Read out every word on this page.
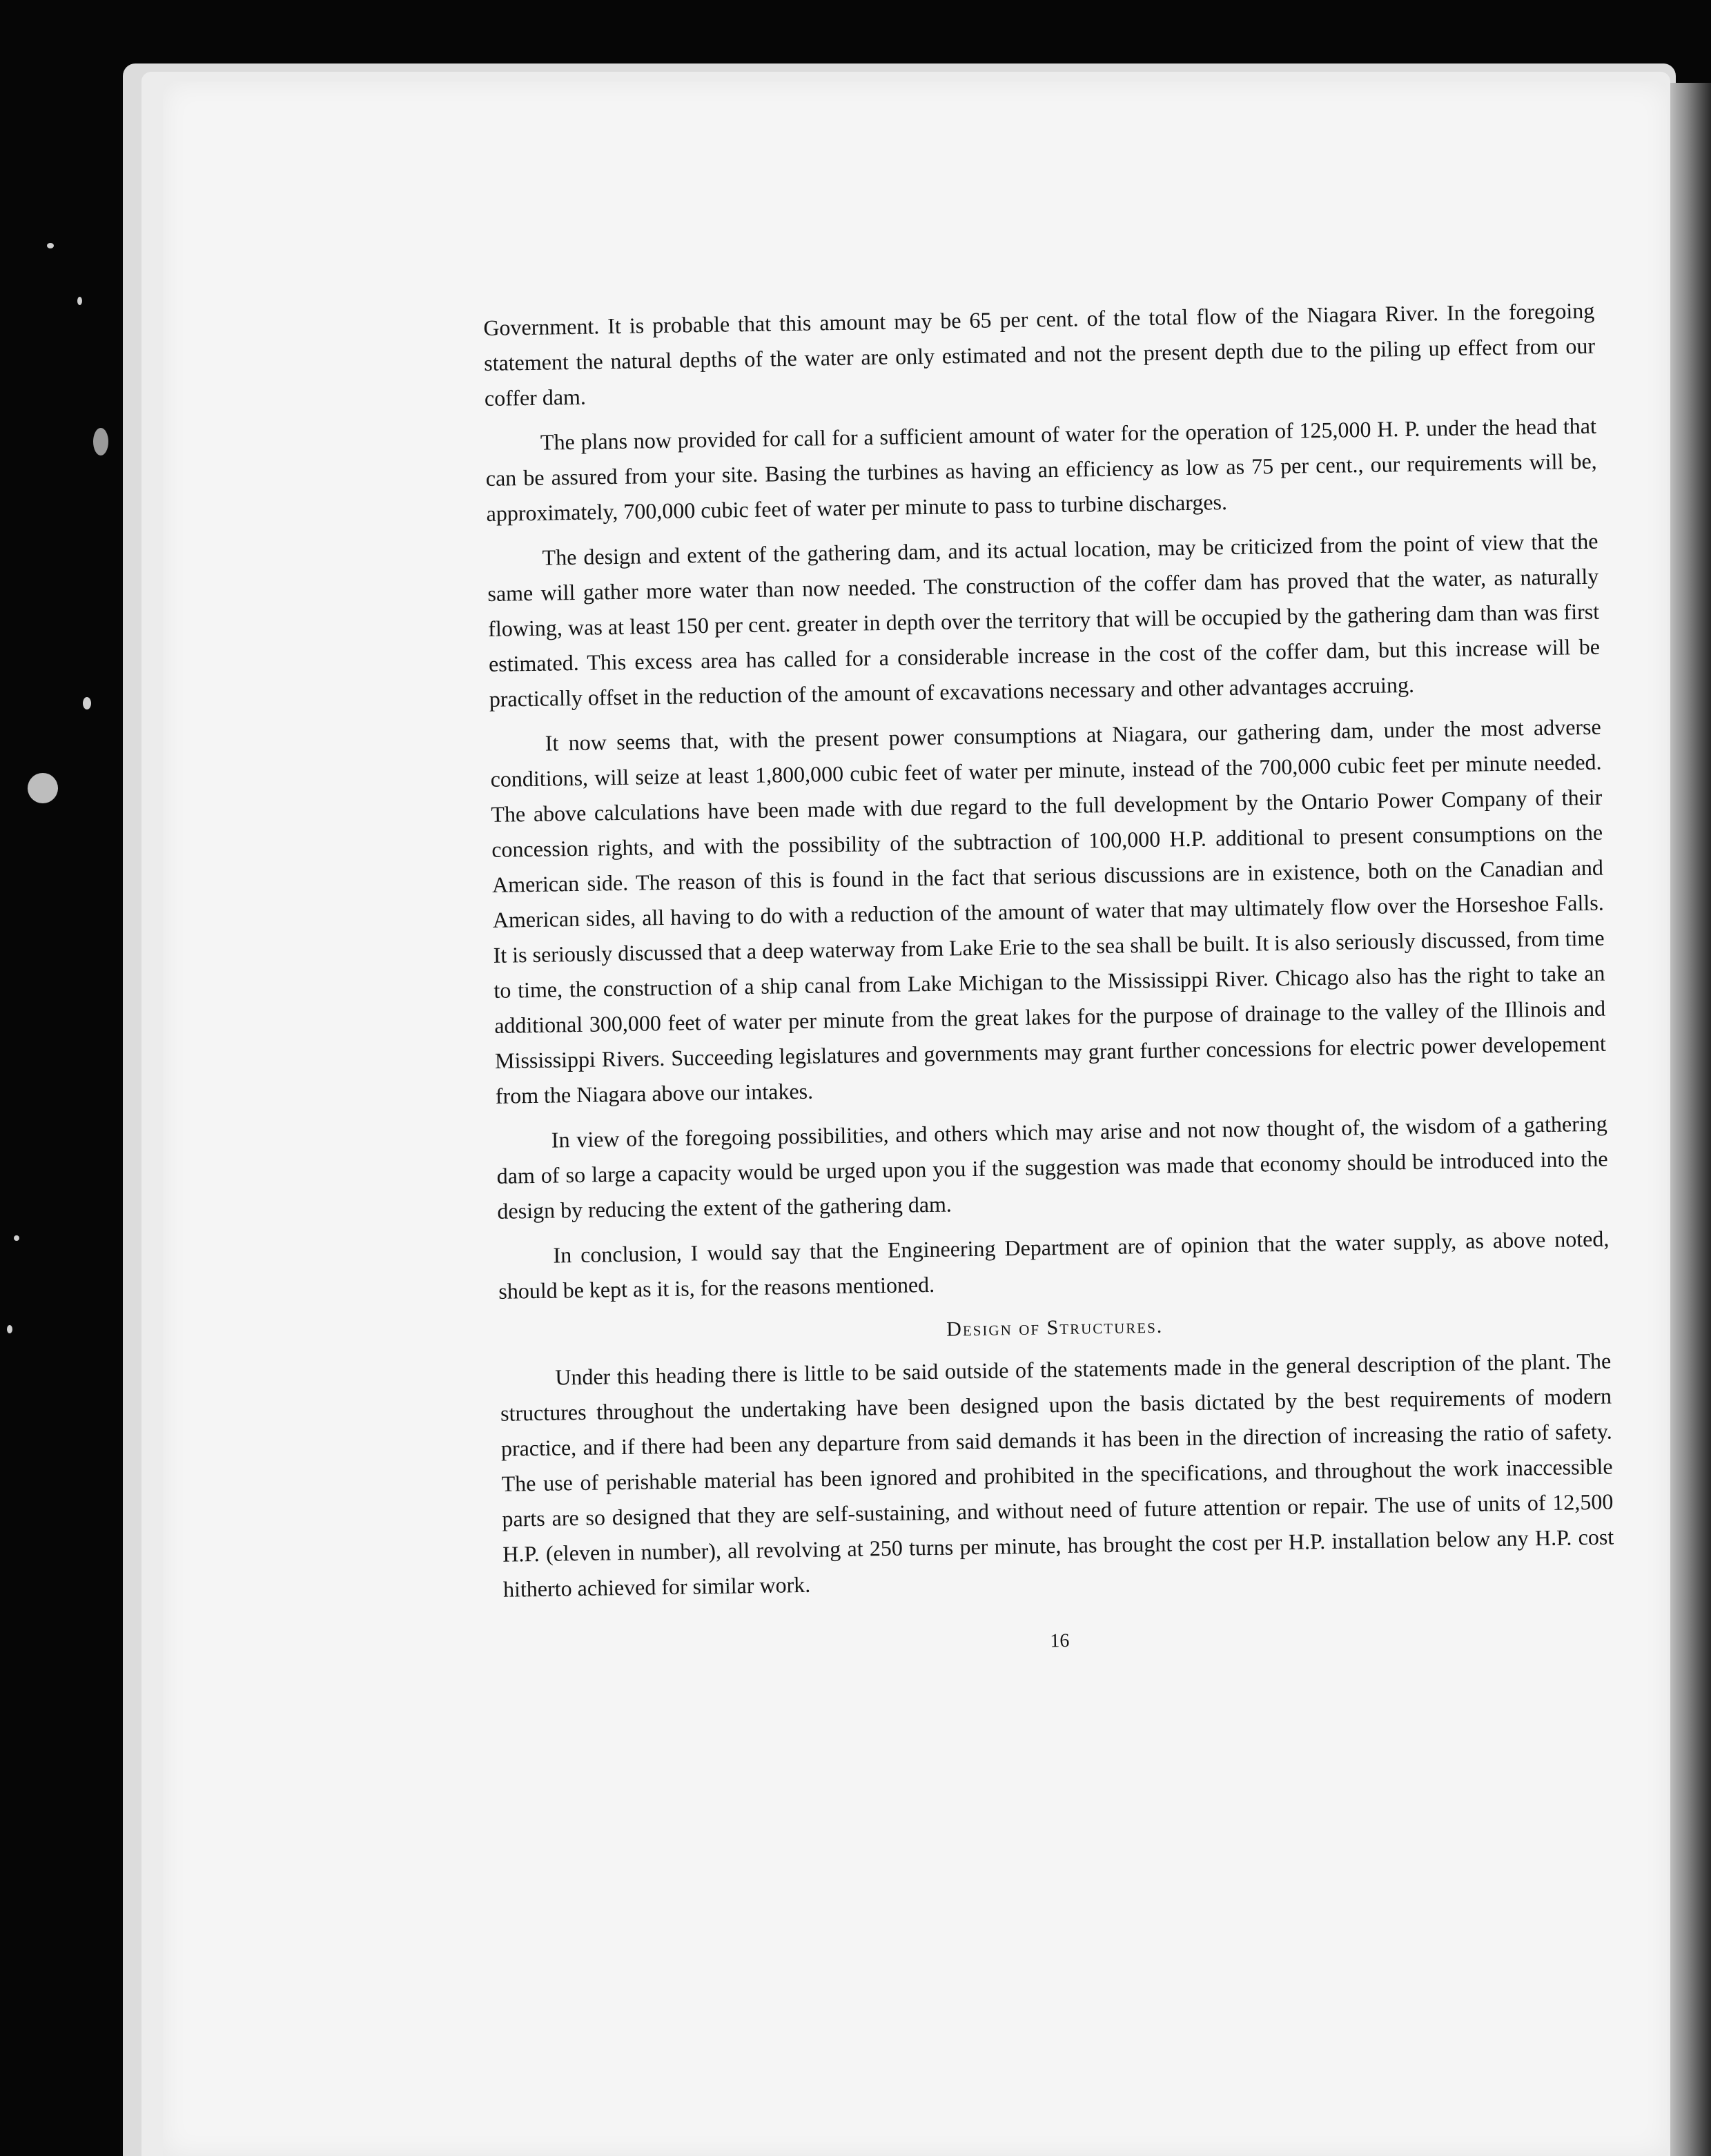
Government. It is probable that this amount may be 65 per cent. of the total flow of the Niagara River. In the foregoing statement the natural depths of the water are only estimated and not the present depth due to the piling up effect from our coffer dam.

The plans now provided for call for a sufficient amount of water for the operation of 125,000 H. P. under the head that can be assured from your site. Basing the turbines as having an efficiency as low as 75 per cent., our requirements will be, approximately, 700,000 cubic feet of water per minute to pass to turbine discharges.

The design and extent of the gathering dam, and its actual location, may be criticized from the point of view that the same will gather more water than now needed. The construction of the coffer dam has proved that the water, as naturally flowing, was at least 150 per cent. greater in depth over the territory that will be occupied by the gathering dam than was first estimated. This excess area has called for a considerable increase in the cost of the coffer dam, but this increase will be practically offset in the reduction of the amount of excavations necessary and other advantages accruing.

It now seems that, with the present power consumptions at Niagara, our gathering dam, under the most adverse conditions, will seize at least 1,800,000 cubic feet of water per minute, instead of the 700,000 cubic feet per minute needed. The above calculations have been made with due regard to the full development by the Ontario Power Company of their concession rights, and with the possibility of the subtraction of 100,000 H.P. additional to present consumptions on the American side. The reason of this is found in the fact that serious discussions are in existence, both on the Canadian and American sides, all having to do with a reduction of the amount of water that may ultimately flow over the Horseshoe Falls. It is seriously discussed that a deep waterway from Lake Erie to the sea shall be built. It is also seriously discussed, from time to time, the construction of a ship canal from Lake Michigan to the Mississippi River. Chicago also has the right to take an additional 300,000 feet of water per minute from the great lakes for the purpose of drainage to the valley of the Illinois and Mississippi Rivers. Succeeding legislatures and governments may grant further concessions for electric power developement from the Niagara above our intakes.

In view of the foregoing possibilities, and others which may arise and not now thought of, the wisdom of a gathering dam of so large a capacity would be urged upon you if the suggestion was made that economy should be introduced into the design by reducing the extent of the gathering dam.

In conclusion, I would say that the Engineering Department are of opinion that the water supply, as above noted, should be kept as it is, for the reasons mentioned.

Design of Structures.

Under this heading there is little to be said outside of the statements made in the general description of the plant. The structures throughout the undertaking have been designed upon the basis dictated by the best requirements of modern practice, and if there had been any departure from said demands it has been in the direction of increasing the ratio of safety. The use of perishable material has been ignored and prohibited in the specifications, and throughout the work inaccessible parts are so designed that they are self-sustaining, and without need of future attention or repair. The use of units of 12,500 H.P. (eleven in number), all revolving at 250 turns per minute, has brought the cost per H.P. installation below any H.P. cost hitherto achieved for similar work.

16
